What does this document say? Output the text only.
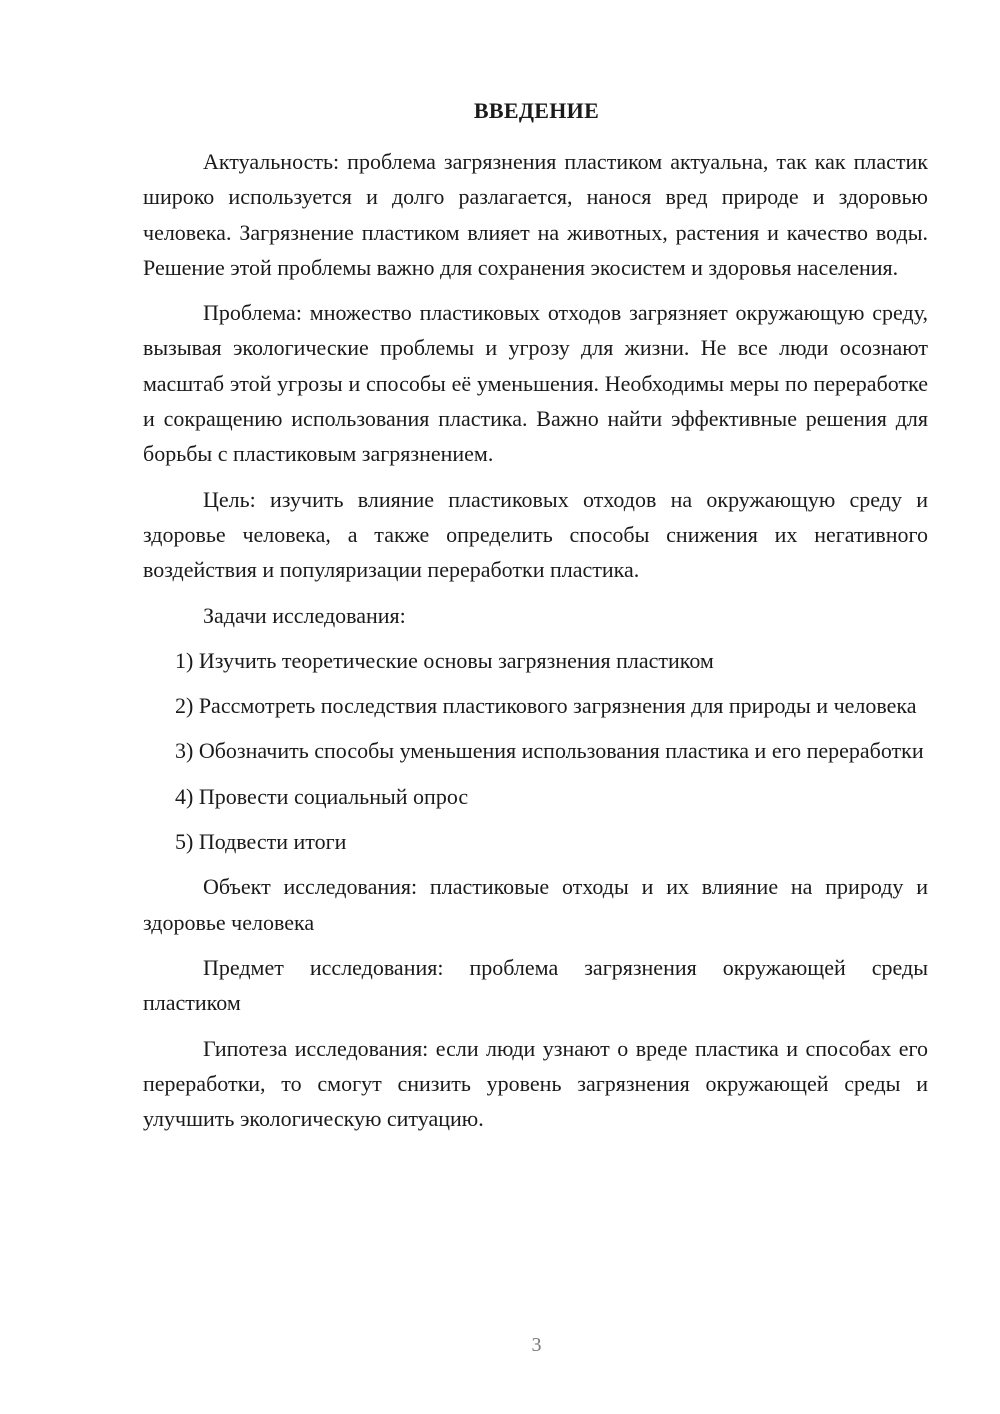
ВВЕДЕНИЕ

Актуальность: проблема загрязнения пластиком актуальна, так как пластик широко используется и долго разлагается, нанося вред природе и здоровью человека. Загрязнение пластиком влияет на животных, растения и качество воды. Решение этой проблемы важно для сохранения экосистем и здоровья населения.

Проблема: множество пластиковых отходов загрязняет окружающую среду, вызывая экологические проблемы и угрозу для жизни. Не все люди осознают масштаб этой угрозы и способы её уменьшения. Необходимы меры по переработке и сокращению использования пластика. Важно найти эффективные решения для борьбы с пластиковым загрязнением.

Цель: изучить влияние пластиковых отходов на окружающую среду и здоровье человека, а также определить способы снижения их негативного воздействия и популяризации переработки пластика.

Задачи исследования:

1) Изучить теоретические основы загрязнения пластиком

2) Рассмотреть последствия пластикового загрязнения для природы и человека

3) Обозначить способы уменьшения использования пластика и его переработки

4) Провести социальный опрос

5) Подвести итоги

Объект исследования: пластиковые отходы и их влияние на природу и здоровье человека

Предмет исследования: проблема загрязнения окружающей среды пластиком

Гипотеза исследования: если люди узнают о вреде пластика и способах его переработки, то смогут снизить уровень загрязнения окружающей среды и улучшить экологическую ситуацию.

3
